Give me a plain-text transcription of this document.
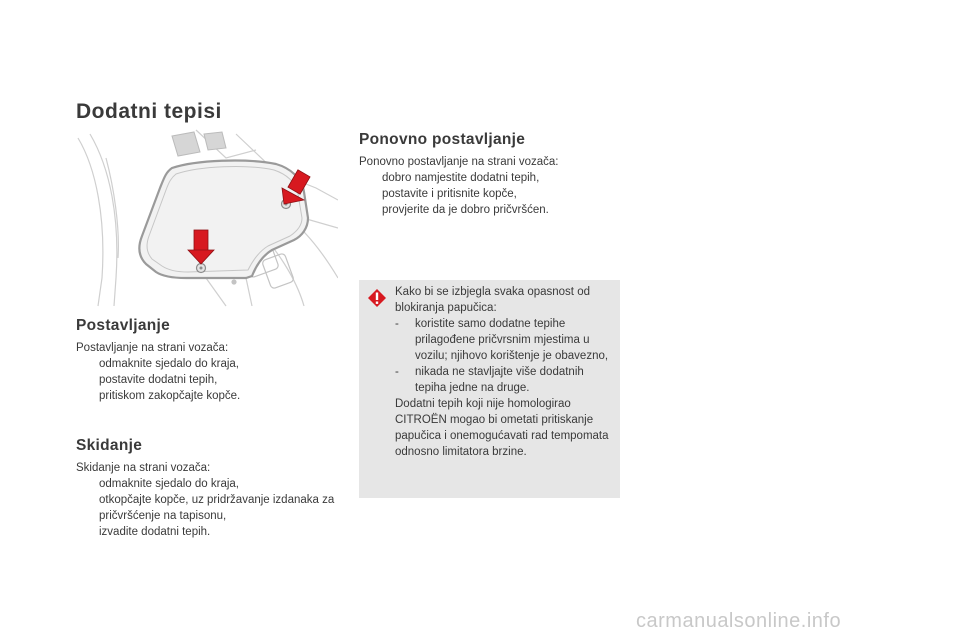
Dodatni tepisi
Ponovno postavljanje

Ponovno postavljanje na strani vozača:

dobro namjestite dodatni tepih,

postavite i pritisnite kopče,

provjerite da je dobro pričvršćen.

Postavljanje

Postavljanje na strani vozača:

odmaknite sjedalo do kraja,

postavite dodatni tepih,

pritiskom zakopčajte kopče.

Skidanje

Skidanje na strani vozača:

odmaknite sjedalo do kraja,

otkopčajte kopče, uz pridržavanje izdanaka za pričvršćenje na tapisonu,

izvadite dodatni tepih.

Kako bi se izbjegla svaka opasnost od blokiranja papučica:

- koristite samo dodatne tepihe prilagođene pričvrsnim mjestima u vozilu; njihovo korištenje je obavezno,

- nikada ne stavljajte više dodatnih tepiha jedne na druge.

Dodatni tepih koji nije homologirao CITROËN mogao bi ometati pritiskanje papučica i onemogućavati rad tempomata odnosno limitatora brzine.

carmanualsonline.info
